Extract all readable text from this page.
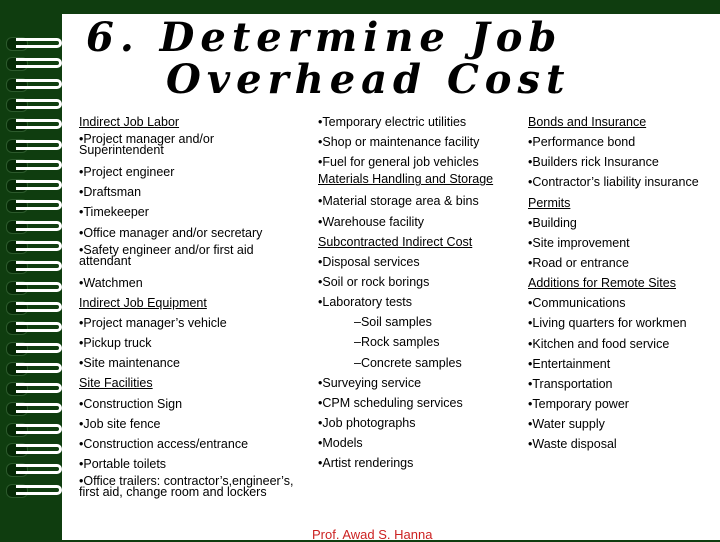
6. Determine Job
Overhead Cost
Indirect Job Labor
•Project manager and/or Superintendent
•Project engineer
•Draftsman
•Timekeeper
•Office manager and/or secretary
•Safety engineer and/or first aid attendant
•Watchmen
Indirect Job Equipment
•Project manager’s vehicle
•Pickup truck
•Site maintenance
Site Facilities
•Construction Sign
•Job site fence
•Construction access/entrance
•Portable toilets
•Office trailers: contractor’s,engineer’s, first aid, change room and lockers
•Temporary electric utilities
•Shop or maintenance facility
•Fuel for general job vehicles
Materials Handling and Storage
•Material storage area & bins
•Warehouse facility
Subcontracted Indirect Cost
•Disposal services
•Soil or rock borings
•Laboratory tests
–Soil samples
–Rock samples
–Concrete samples
•Surveying service
•CPM scheduling services
•Job photographs
•Models
•Artist renderings
Bonds and Insurance
•Performance bond
•Builders rick Insurance
•Contractor’s liability insurance
Permits
•Building
•Site improvement
•Road or entrance
Additions for Remote Sites
•Communications
•Living quarters for workmen
•Kitchen and food service
•Entertainment
•Transportation
•Temporary power
•Water supply
•Waste disposal
Prof. Awad S. Hanna
